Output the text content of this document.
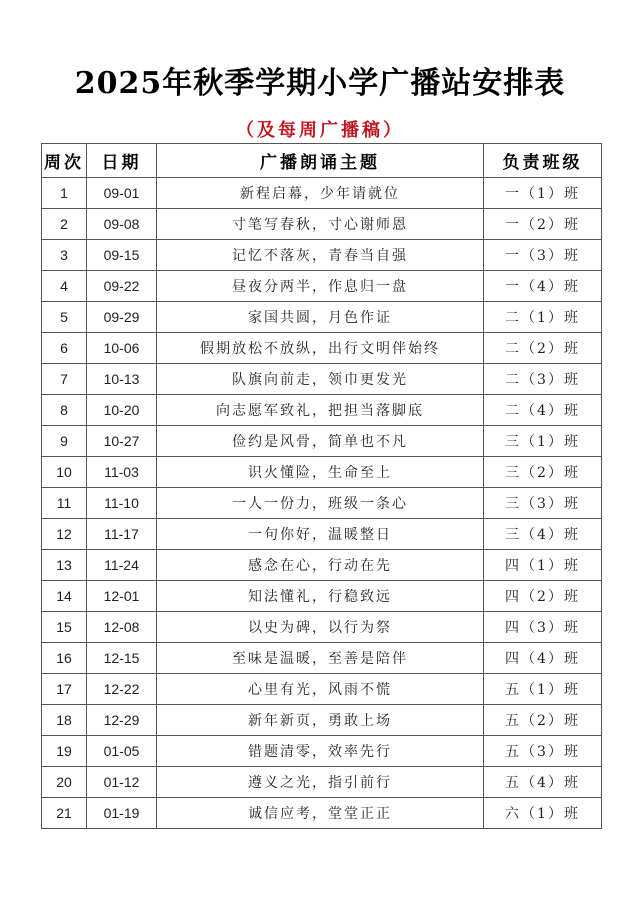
2025年秋季学期小学广播站安排表
（及每周广播稿）
周次	日期	广播朗诵主题	负责班级
1	09-01	新程启幕，少年请就位	一（1）班
2	09-08	寸笔写春秋，寸心谢师恩	一（2）班
3	09-15	记忆不落灰，青春当自强	一（3）班
4	09-22	昼夜分两半，作息归一盘	一（4）班
5	09-29	家国共圆，月色作证	二（1）班
6	10-06	假期放松不放纵，出行文明伴始终	二（2）班
7	10-13	队旗向前走，领巾更发光	二（3）班
8	10-20	向志愿军致礼，把担当落脚底	二（4）班
9	10-27	俭约是风骨，简单也不凡	三（1）班
10	11-03	识火懂险，生命至上	三（2）班
11	11-10	一人一份力，班级一条心	三（3）班
12	11-17	一句你好，温暖整日	三（4）班
13	11-24	感念在心，行动在先	四（1）班
14	12-01	知法懂礼，行稳致远	四（2）班
15	12-08	以史为碑，以行为祭	四（3）班
16	12-15	至味是温暖，至善是陪伴	四（4）班
17	12-22	心里有光，风雨不慌	五（1）班
18	12-29	新年新页，勇敢上场	五（2）班
19	01-05	错题清零，效率先行	五（3）班
20	01-12	遵义之光，指引前行	五（4）班
21	01-19	诚信应考，堂堂正正	六（1）班
